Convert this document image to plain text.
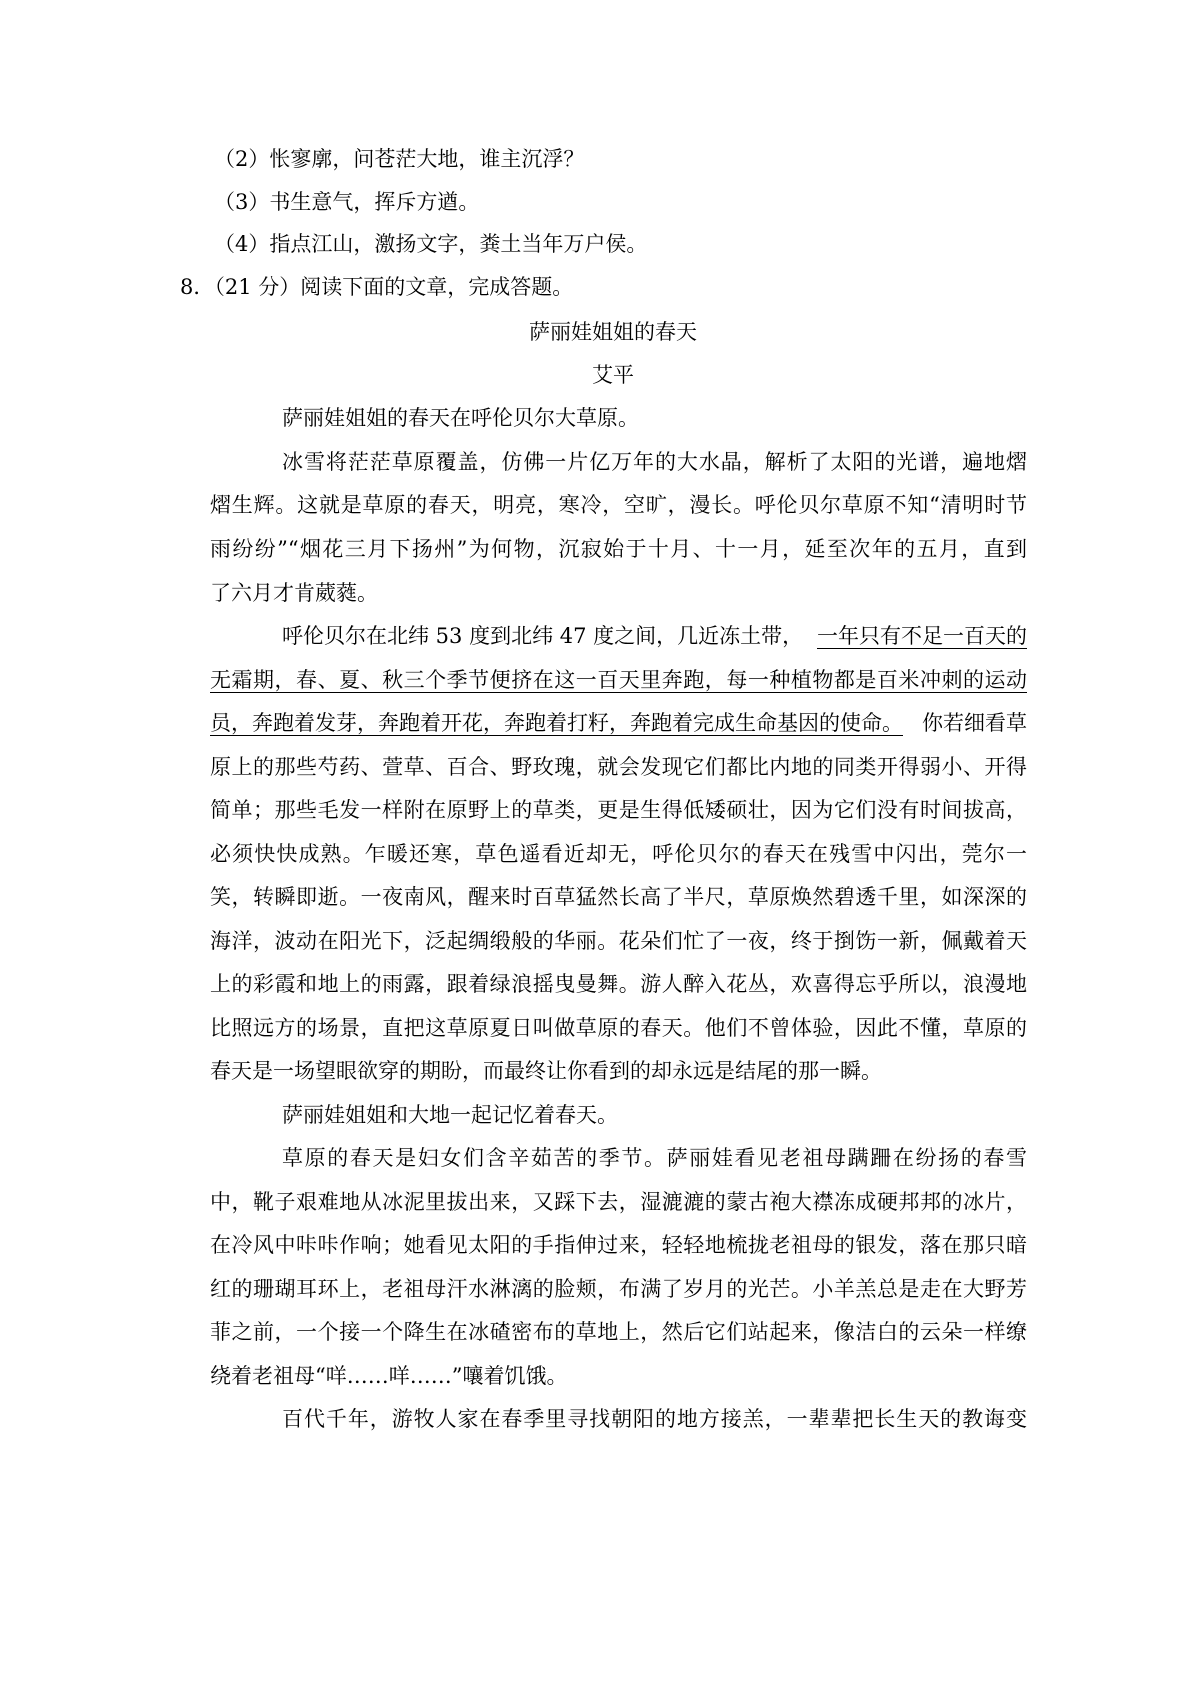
（2）怅寥廓，问苍茫大地，谁主沉浮？
（3）书生意气，挥斥方遒。
（4）指点江山，激扬文字，粪土当年万户侯。
8．（21 分）阅读下面的文章，完成答题。
萨丽娃姐姐的春天
艾平
萨丽娃姐姐的春天在呼伦贝尔大草原。
冰雪将茫茫草原覆盖，仿佛一片亿万年的大水晶，解析了太阳的光谱，遍地熠
熠生辉。这就是草原的春天，明亮，寒冷，空旷，漫长。呼伦贝尔草原不知“清明时节
雨纷纷”“烟花三月下扬州”为何物，沉寂始于十月、十一月，延至次年的五月，直到
了六月才肯葳蕤。
呼伦贝尔在北纬 53 度到北纬 47 度之间，几近冻土带， 一年只有不足一百天的
无霜期，春、夏、秋三个季节便挤在这一百天里奔跑，每一种植物都是百米冲刺的运动
员，奔跑着发芽，奔跑着开花，奔跑着打籽，奔跑着完成生命基因的使命。 你若细看草
原上的那些芍药、萱草、百合、野玫瑰，就会发现它们都比内地的同类开得弱小、开得
简单；那些毛发一样附在原野上的草类，更是生得低矮硕壮，因为它们没有时间拔高，
必须快快成熟。乍暖还寒，草色遥看近却无，呼伦贝尔的春天在残雪中闪出，莞尔一
笑，转瞬即逝。一夜南风，醒来时百草猛然长高了半尺，草原焕然碧透千里，如深深的
海洋，波动在阳光下，泛起绸缎般的华丽。花朵们忙了一夜，终于捯饬一新，佩戴着天
上的彩霞和地上的雨露，跟着绿浪摇曳曼舞。游人醉入花丛，欢喜得忘乎所以，浪漫地
比照远方的场景，直把这草原夏日叫做草原的春天。他们不曾体验，因此不懂，草原的
春天是一场望眼欲穿的期盼，而最终让你看到的却永远是结尾的那一瞬。
萨丽娃姐姐和大地一起记忆着春天。
草原的春天是妇女们含辛茹苦的季节。萨丽娃看见老祖母蹒跚在纷扬的春雪
中，靴子艰难地从冰泥里拔出来，又踩下去，湿漉漉的蒙古袍大襟冻成硬邦邦的冰片，
在冷风中咔咔作响；她看见太阳的手指伸过来，轻轻地梳拢老祖母的银发，落在那只暗
红的珊瑚耳环上，老祖母汗水淋漓的脸颊，布满了岁月的光芒。小羊羔总是走在大野芳
菲之前，一个接一个降生在冰碴密布的草地上，然后它们站起来，像洁白的云朵一样缭
绕着老祖母“咩……咩……”嚷着饥饿。
百代千年，游牧人家在春季里寻找朝阳的地方接羔，一辈辈把长生天的教诲变
